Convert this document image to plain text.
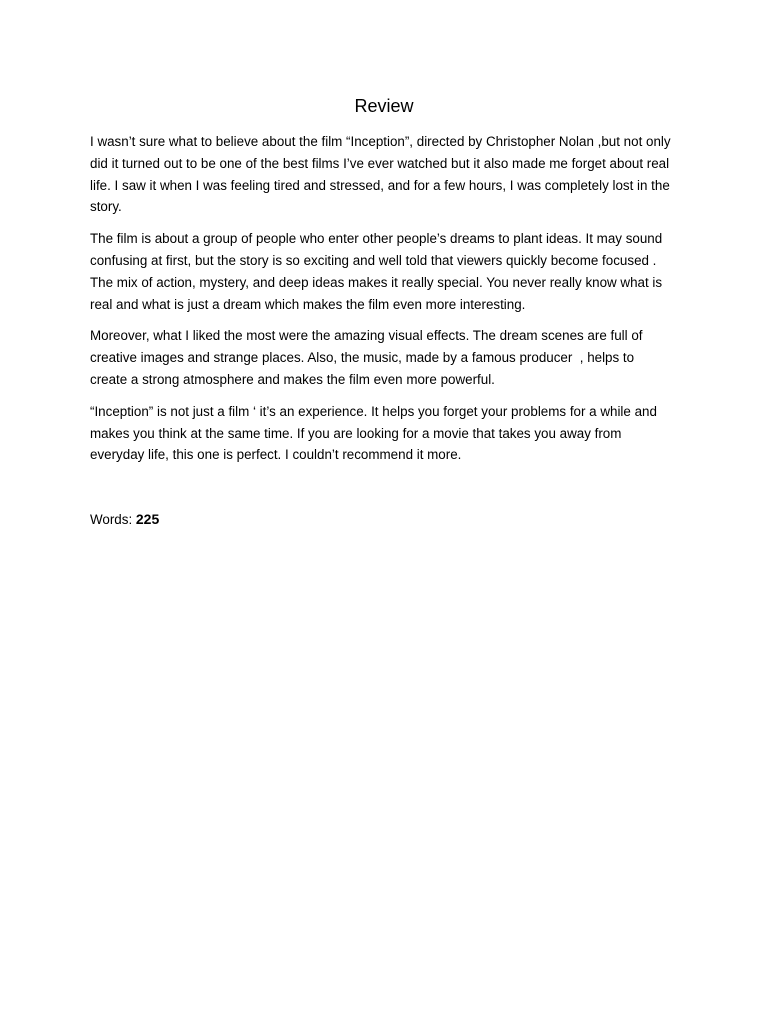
Review

I wasn’t sure what to believe about the film “Inception”, directed by Christopher Nolan ,but not only did it turned out to be one of the best films I’ve ever watched but it also made me forget about real life. I saw it when I was feeling tired and stressed, and for a few hours, I was completely lost in the story.

The film is about a group of people who enter other people’s dreams to plant ideas. It may sound confusing at first, but the story is so exciting and well told that viewers quickly become focused . The mix of action, mystery, and deep ideas makes it really special. You never really know what is real and what is just a dream which makes the film even more interesting.

Moreover, what I liked the most were the amazing visual effects. The dream scenes are full of creative images and strange places. Also, the music, made by a famous producer  , helps to create a strong atmosphere and makes the film even more powerful.

“Inception” is not just a film ‘ it’s an experience. It helps you forget your problems for a while and makes you think at the same time. If you are looking for a movie that takes you away from everyday life, this one is perfect. I couldn’t recommend it more.

Words: 225
